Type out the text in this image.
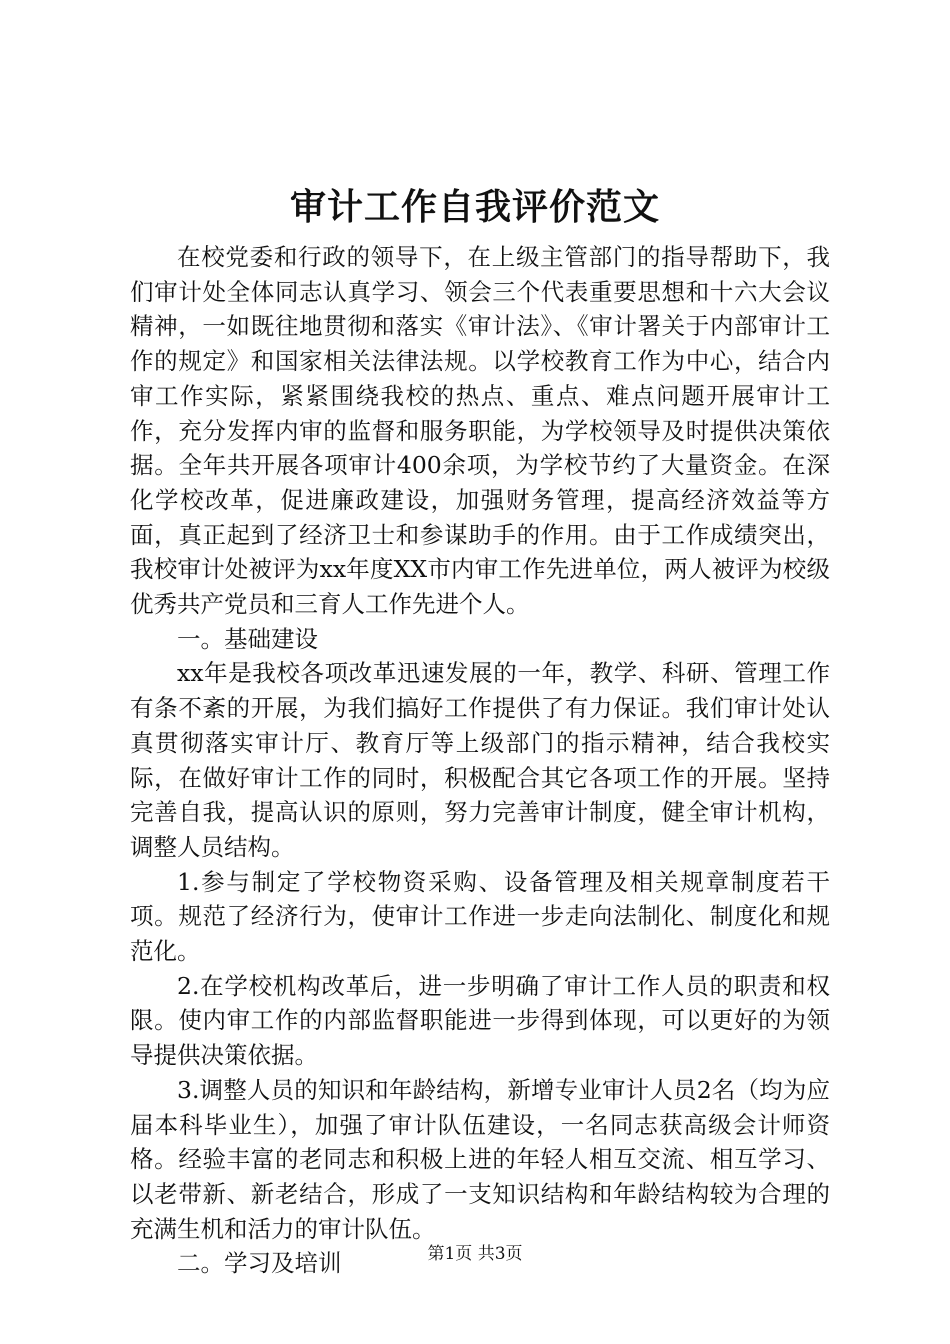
审计工作自我评价范文

在校党委和行政的领导下，在上级主管部门的指导帮助下，我们审计处全体同志认真学习、领会三个代表重要思想和十六大会议精神，一如既往地贯彻和落实《审计法》、《审计署关于内部审计工作的规定》和国家相关法律法规。以学校教育工作为中心，结合内审工作实际，紧紧围绕我校的热点、重点、难点问题开展审计工作，充分发挥内审的监督和服务职能，为学校领导及时提供决策依据。全年共开展各项审计400余项，为学校节约了大量资金。在深化学校改革，促进廉政建设，加强财务管理，提高经济效益等方面，真正起到了经济卫士和参谋助手的作用。由于工作成绩突出，我校审计处被评为xx年度XX市内审工作先进单位，两人被评为校级优秀共产党员和三育人工作先进个人。

一。基础建设

xx年是我校各项改革迅速发展的一年，教学、科研、管理工作有条不紊的开展，为我们搞好工作提供了有力保证。我们审计处认真贯彻落实审计厅、教育厅等上级部门的指示精神，结合我校实际，在做好审计工作的同时，积极配合其它各项工作的开展。坚持完善自我，提高认识的原则，努力完善审计制度，健全审计机构，调整人员结构。

1.参与制定了学校物资采购、设备管理及相关规章制度若干项。规范了经济行为，使审计工作进一步走向法制化、制度化和规范化。

2.在学校机构改革后，进一步明确了审计工作人员的职责和权限。使内审工作的内部监督职能进一步得到体现，可以更好的为领导提供决策依据。

3.调整人员的知识和年龄结构，新增专业审计人员2名（均为应届本科毕业生），加强了审计队伍建设，一名同志获高级会计师资格。经验丰富的老同志和积极上进的年轻人相互交流、相互学习、以老带新、新老结合，形成了一支知识结构和年龄结构较为合理的充满生机和活力的审计队伍。

二。学习及培训	第1页 共3页
